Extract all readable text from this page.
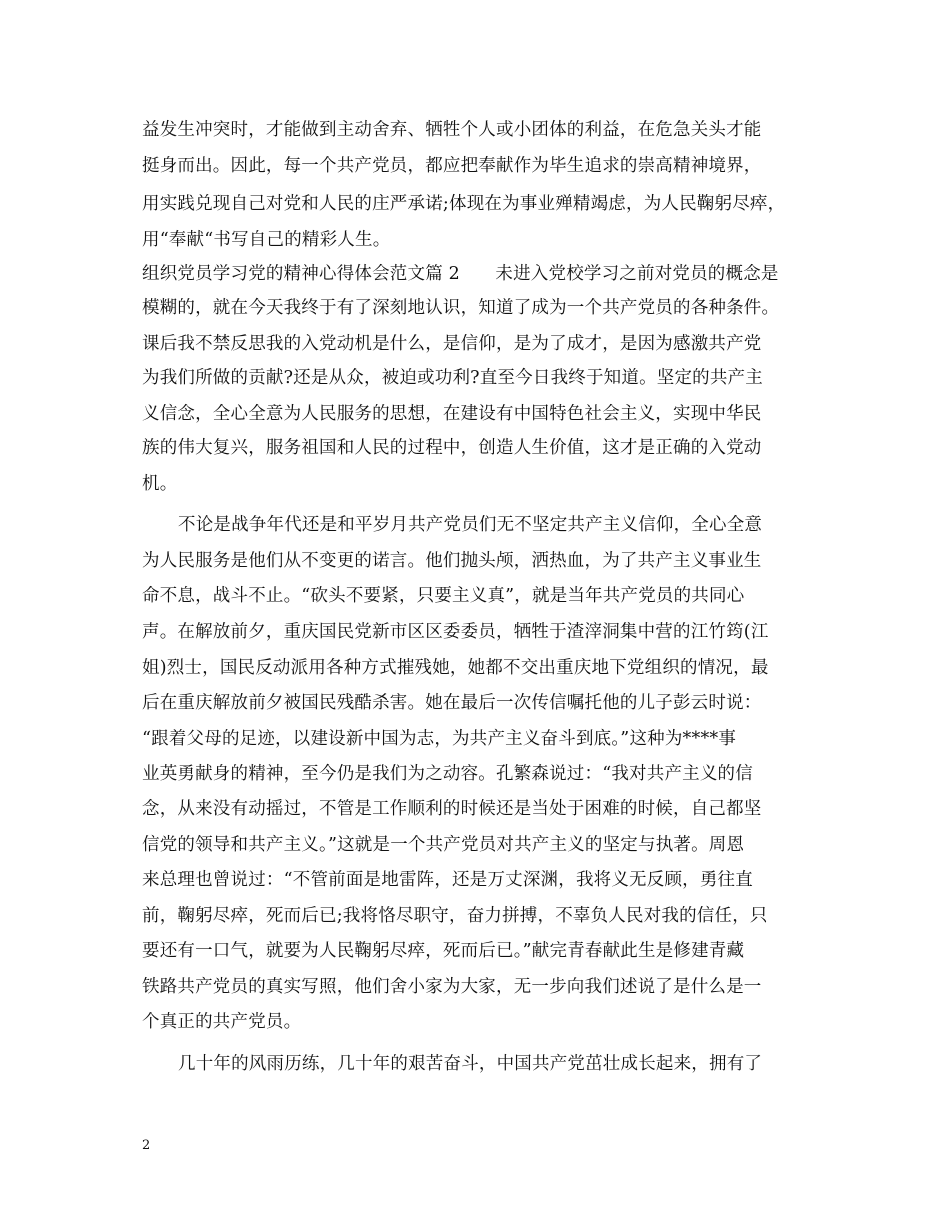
益发生冲突时，才能做到主动舍弃、牺牲个人或小团体的利益，在危急关头才能
挺身而出。因此，每一个共产党员，都应把奉献作为毕生追求的崇高精神境界，
用实践兑现自己对党和人民的庄严承诺;体现在为事业殚精竭虑，为人民鞠躬尽瘁，
用“奉献“书写自己的精彩人生。
组织党员学习党的精神心得体会范文篇 2　　未进入党校学习之前对党员的概念是
模糊的，就在今天我终于有了深刻地认识，知道了成为一个共产党员的各种条件。
课后我不禁反思我的入党动机是什么，是信仰，是为了成才，是因为感激共产党
为我们所做的贡献?还是从众，被迫或功利?直至今日我终于知道。坚定的共产主
义信念，全心全意为人民服务的思想，在建设有中国特色社会主义，实现中华民
族的伟大复兴，服务祖国和人民的过程中，创造人生价值，这才是正确的入党动
机。
不论是战争年代还是和平岁月共产党员们无不坚定共产主义信仰，全心全意
为人民服务是他们从不变更的诺言。他们抛头颅，洒热血，为了共产主义事业生
命不息，战斗不止。“砍头不要紧，只要主义真”，就是当年共产党员的共同心
声。在解放前夕，重庆国民党新市区区委委员，牺牲于渣滓洞集中营的江竹筠(江
姐)烈士，国民反动派用各种方式摧残她，她都不交出重庆地下党组织的情况，最
后在重庆解放前夕被国民残酷杀害。她在最后一次传信嘱托他的儿子彭云时说：
“跟着父母的足迹，以建设新中国为志，为共产主义奋斗到底。”这种为****事
业英勇献身的精神，至今仍是我们为之动容。孔繁森说过：“我对共产主义的信
念，从来没有动摇过，不管是工作顺利的时候还是当处于困难的时候，自己都坚
信党的领导和共产主义。”这就是一个共产党员对共产主义的坚定与执著。周恩
来总理也曾说过：“不管前面是地雷阵，还是万丈深渊，我将义无反顾，勇往直
前，鞠躬尽瘁，死而后已;我将恪尽职守，奋力拼搏，不辜负人民对我的信任，只
要还有一口气，就要为人民鞠躬尽瘁，死而后已。”献完青春献此生是修建青藏
铁路共产党员的真实写照，他们舍小家为大家，无一步向我们述说了是什么是一
个真正的共产党员。
几十年的风雨历练，几十年的艰苦奋斗，中国共产党茁壮成长起来，拥有了
2
